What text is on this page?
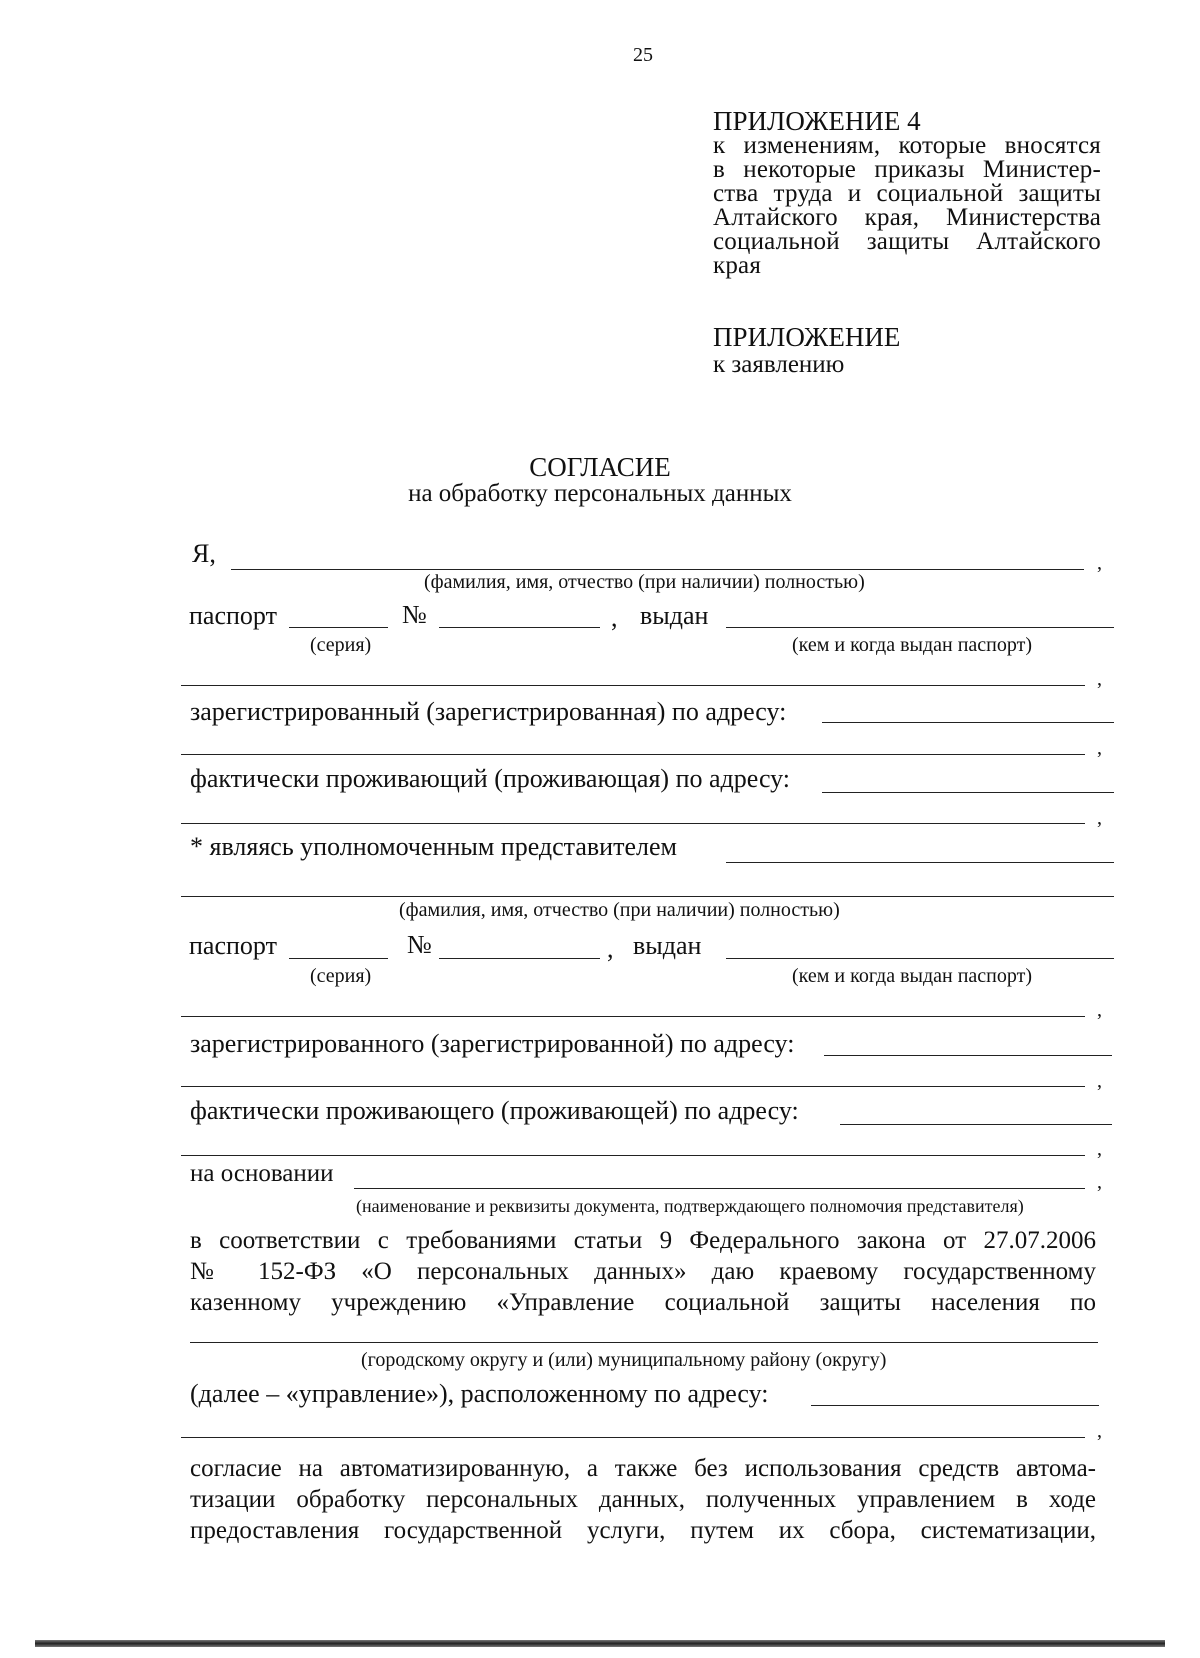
25
ПРИЛОЖЕНИЕ 4
к изменениям, которые вносятся
в некоторые приказы Министер-
ства труда и социальной защиты
Алтайского края, Министерства
социальной защиты Алтайского
края
ПРИЛОЖЕНИЕ
к заявлению
СОГЛАСИЕ
на обработку персональных данных
Я,	,
(фамилия, имя, отчество (при наличии) полностью)
паспорт	№	, выдан
(серия)	(кем и когда выдан паспорт)
,
зарегистрированный (зарегистрированная) по адресу:
,
фактически проживающий (проживающая) по адресу:
,
* являясь уполномоченным представителем
(фамилия, имя, отчество (при наличии) полностью)
паспорт	№	, выдан
(серия)	(кем и когда выдан паспорт)
,
зарегистрированного (зарегистрированной) по адресу:
,
фактически проживающего (проживающей) по адресу:
,
на основании	,
(наименование и реквизиты документа, подтверждающего полномочия представителя)
в соответствии с требованиями статьи 9 Федерального закона от 27.07.2006
№ 152-ФЗ «О персональных данных» даю краевому государственному
казенному учреждению «Управление социальной защиты населения по
(городскому округу и (или) муниципальному району (округу)
(далее – «управление»), расположенному по адресу:
,
согласие на автоматизированную, а также без использования средств автома-
тизации обработку персональных данных, полученных управлением в ходе
предоставления государственной услуги, путем их сбора, систематизации,
